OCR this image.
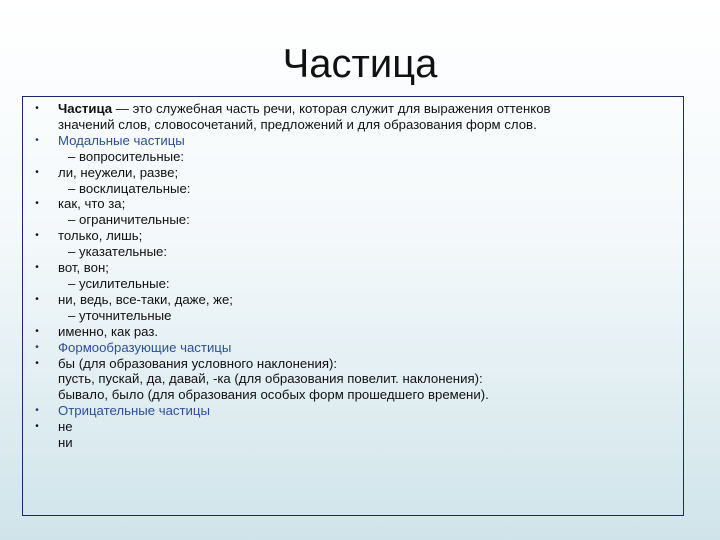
Частица
• Частица — это служебная часть речи, которая служит для выражения оттенков
значений слов, словосочетаний, предложений и для образования форм слов.
• Модальные частицы
– вопросительные:
• ли, неужели, разве;
– восклицательные:
• как, что за;
– ограничительные:
• только, лишь;
– указательные:
• вот, вон;
– усилительные:
• ни, ведь, все-таки, даже, же;
– уточнительные
• именно, как раз.
• Формообразующие частицы
• бы (для образования условного наклонения):
пусть, пускай, да, давай, -ка (для образования повелит. наклонения):
бывало, было (для образования особых форм прошедшего времени).
• Отрицательные частицы
• не
ни
